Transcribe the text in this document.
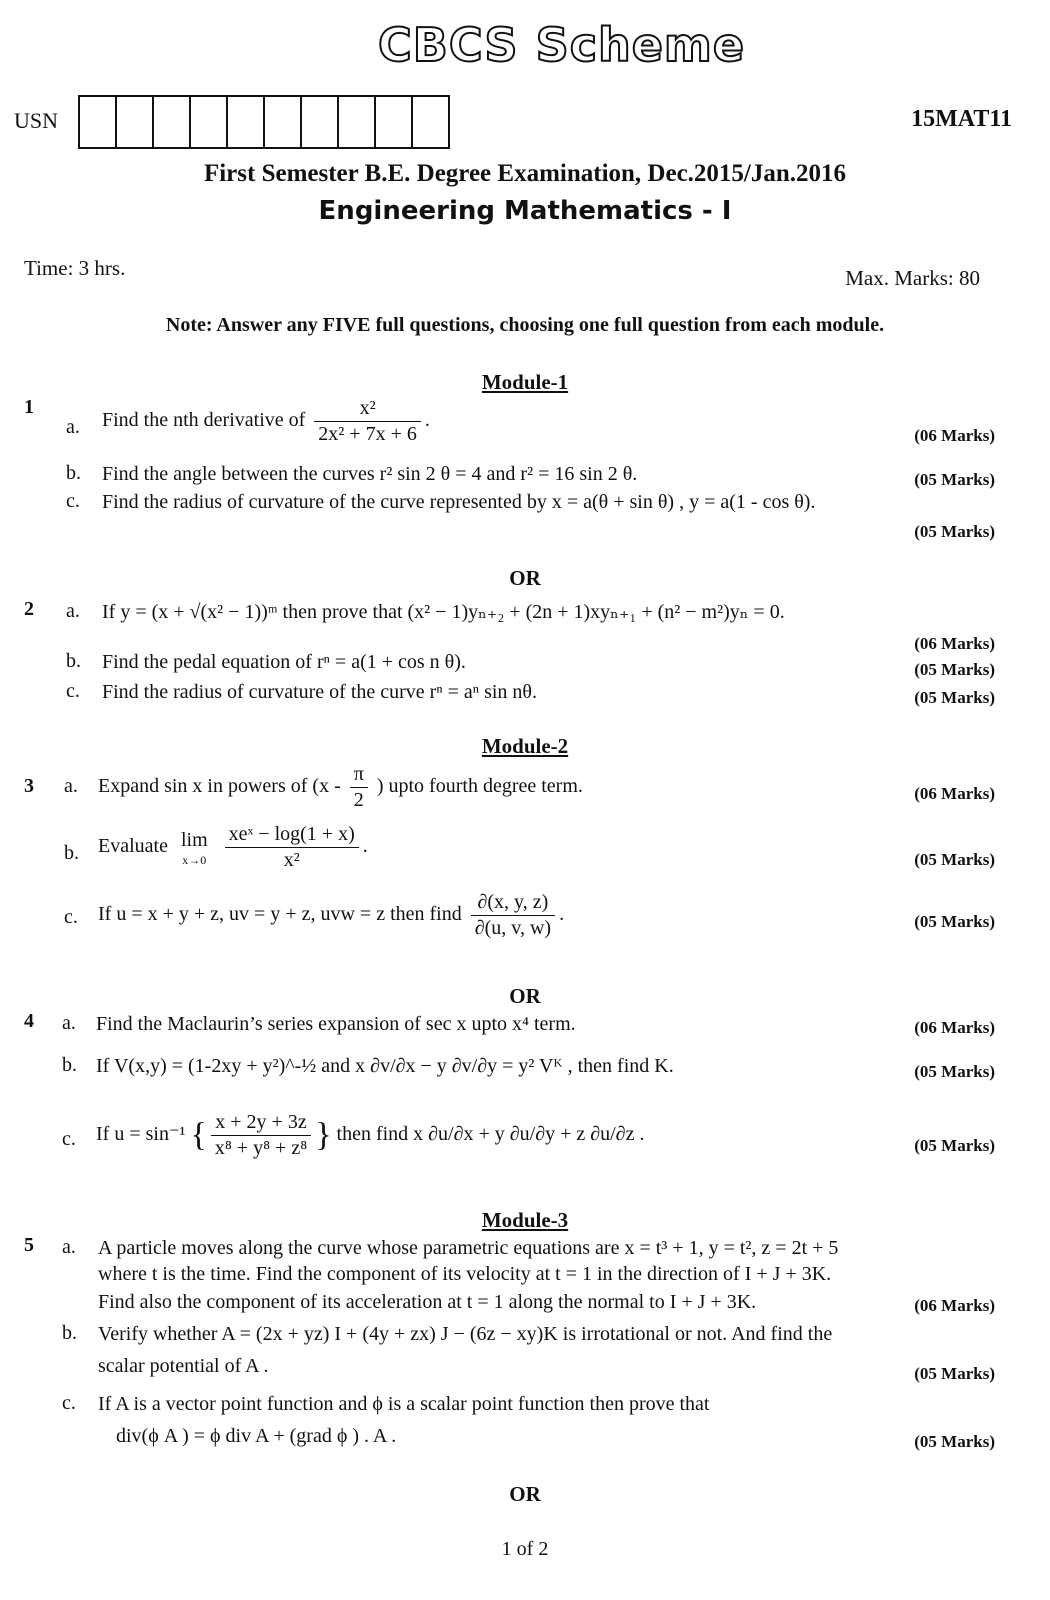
CBCS Scheme
USN	15MAT11
First Semester B.E. Degree Examination, Dec.2015/Jan.2016
Engineering Mathematics - I
Time: 3 hrs.	Max. Marks: 80
Note: Answer any FIVE full questions, choosing one full question from each module.
Module-1
1
a. Find the nth derivative of $\frac{\text{x²}}{\text{2x² + 7x + 6}}$ .
(06 Marks)
b. Find the angle between the curves r² sin 2 θ = 4 and r² = 16 sin 2 θ.	(05 Marks)
c. Find the radius of curvature of the curve represented by x = a(θ + sin θ) , y = a(1 - cos θ).
(05 Marks)
OR
2 a. If y = (x + √(x² − 1))ᵐ then prove that (x² − 1)yₙ₊₂ + (2n + 1)xyₙ₊₁ + (n² − m²)yₙ = 0.
(06 Marks)
b. Find the pedal equation of rⁿ = a(1 + cos n θ).	(05 Marks)
c. Find the radius of curvature of the curve rⁿ = aⁿ sin nθ.	(05 Marks)
Module-2
3 a. Expand sin x in powers of ($x - \frac{\pi}{2}$ ) upto fourth degree term.	(06 Marks)
b. Evaluate lim
x→0
$\frac{\text{xeˣ − log(1 + x)}}{\text{x²}}$ .
(05 Marks)
c. If u = x + y + z, uv = y + z, uvw = z then find $\frac{\partial(x, y, z)}{\partial(u, v, w)}$ .	(05 Marks)
OR
4 a. Find the Maclaurin’s series expansion of sec x upto x⁴ term.	(06 Marks)
b. If V(x,y) = (1-2xy + y²)^-½ and x ∂v/∂x − y ∂v/∂y = y² Vᴷ , then find K.	(05 Marks)
c. If u = sin⁻¹ { $\frac{x + 2y + 3z}{\text{x⁸ + y⁸ + z⁸}}$ } then find x ∂u/∂x + y ∂u/∂y + z ∂u/∂z .
(05 Marks)
Module-3
5 a. A particle moves along the curve whose parametric equations are x = t³ + 1, y = t², z = 2t + 5
where t is the time. Find the component of its velocity at t = 1 in the direction of I + J + 3K.
Find also the component of its acceleration at t = 1 along the normal to I + J + 3K.	(06 Marks)
b. Verify whether A = (2x + yz) I + (4y + zx) J − (6z − xy)K is irrotational or not. And find the
scalar potential of A .	(05 Marks)
c. If A is a vector point function and ϕ is a scalar point function then prove that
div(ϕ A ) = ϕ div A + (grad ϕ ) . A .	(05 Marks)
OR
1 of 2
